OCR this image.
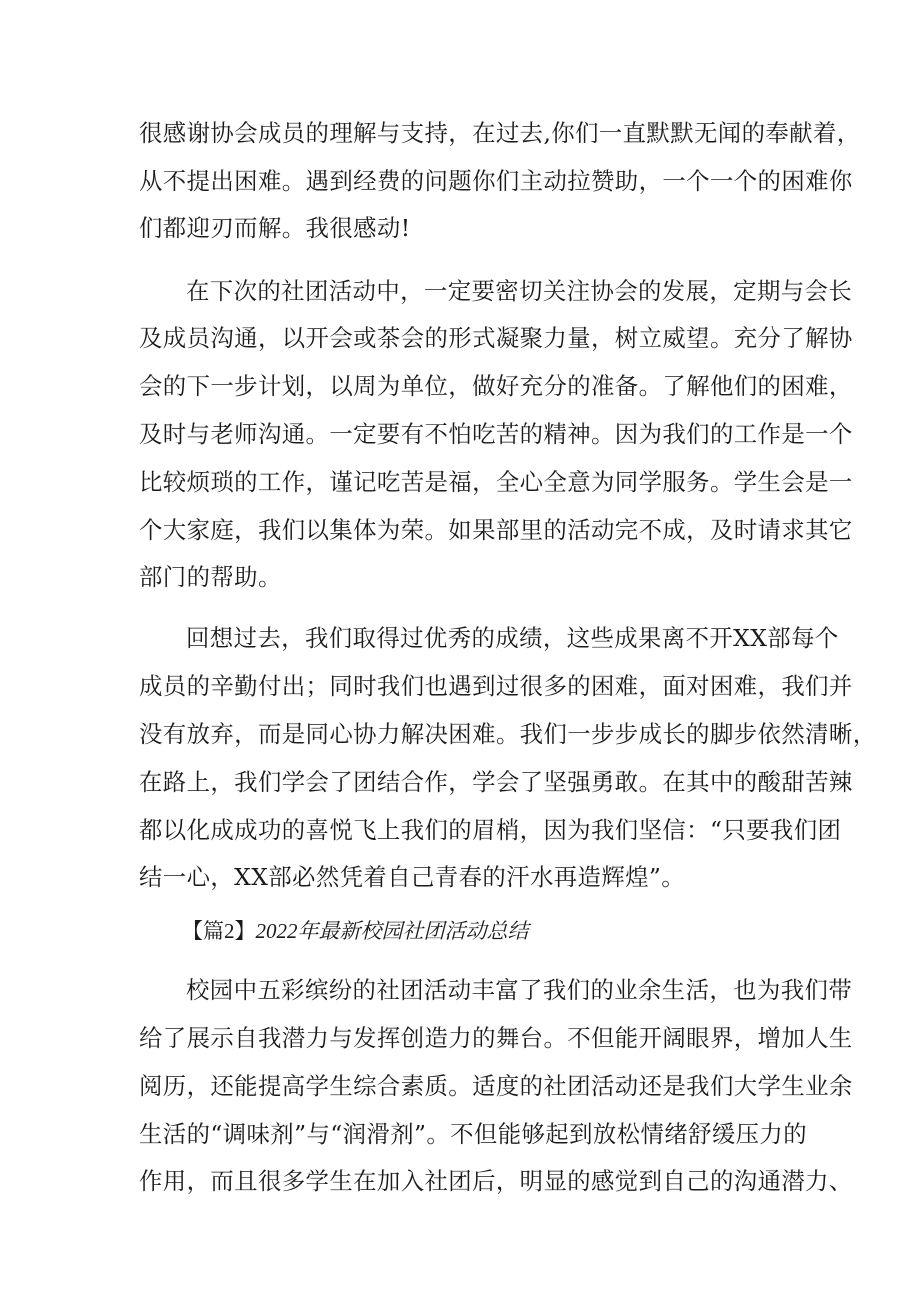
很感谢协会成员的理解与支持，在过去,你们一直默默无闻的奉献着，
从不提出困难。遇到经费的问题你们主动拉赞助，一个一个的困难你
们都迎刃而解。我很感动!
在下次的社团活动中，一定要密切关注协会的发展，定期与会长
及成员沟通，以开会或茶会的形式凝聚力量，树立威望。充分了解协
会的下一步计划，以周为单位，做好充分的准备。了解他们的困难，
及时与老师沟通。一定要有不怕吃苦的精神。因为我们的工作是一个
比较烦琐的工作，谨记吃苦是福，全心全意为同学服务。学生会是一
个大家庭，我们以集体为荣。如果部里的活动完不成，及时请求其它
部门的帮助。
回想过去，我们取得过优秀的成绩，这些成果离不开XX部每个
成员的辛勤付出；同时我们也遇到过很多的困难，面对困难，我们并
没有放弃，而是同心协力解决困难。我们一步步成长的脚步依然清晰，
在路上，我们学会了团结合作，学会了坚强勇敢。在其中的酸甜苦辣
都以化成成功的喜悦飞上我们的眉梢，因为我们坚信：“只要我们团
结一心，XX部必然凭着自己青春的汗水再造辉煌”。
【篇2】2022年最新校园社团活动总结
校园中五彩缤纷的社团活动丰富了我们的业余生活，也为我们带
给了展示自我潜力与发挥创造力的舞台。不但能开阔眼界，增加人生
阅历，还能提高学生综合素质。适度的社团活动还是我们大学生业余
生活的“调味剂”与“润滑剂”。不但能够起到放松情绪舒缓压力的
作用，而且很多学生在加入社团后，明显的感觉到自己的沟通潜力、
